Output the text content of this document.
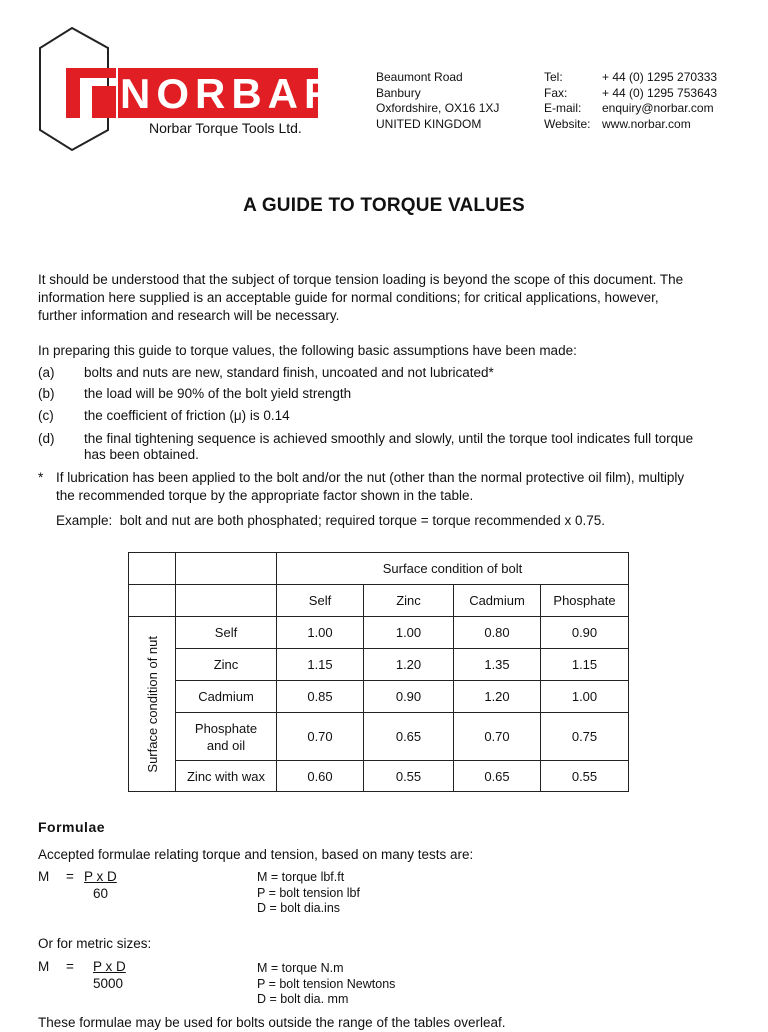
NORBAR
Norbar Torque Tools Ltd.
Beaumont Road
Banbury
Oxfordshire, OX16 1XJ
UNITED KINGDOM
Tel:
Fax:
E-mail:
Website:
+ 44 (0) 1295 270333
+ 44 (0) 1295 753643
enquiry@norbar.com
www.norbar.com
A GUIDE TO TORQUE VALUES
It should be understood that the subject of torque tension loading is beyond the scope of this document. The
information here supplied is an acceptable guide for normal conditions; for critical applications, however,
further information and research will be necessary.
In preparing this guide to torque values, the following basic assumptions have been made:
(a) bolts and nuts are new, standard finish, uncoated and not lubricated*
(b) the load will be 90% of the bolt yield strength
(c) the coefficient of friction (μ) is 0.14
(d) the final tightening sequence is achieved smoothly and slowly, until the torque tool indicates full torque
has been obtained.
* If lubrication has been applied to the bolt and/or the nut (other than the normal protective oil film), multiply
the recommended torque by the appropriate factor shown in the table.
Example:  bolt and nut are both phosphated; required torque = torque recommended x 0.75.
		Surface condition of bolt			
		Self	Zinc	Cadmium	Phosphate

Surface condition of nut	Self	1.00	1.00	0.80	0.90
	Zinc	1.15	1.20	1.35	1.15
	Cadmium	0.85	0.90	1.20	1.00
	Phosphate
and oil	0.70	0.65	0.70	0.75
	Zinc with wax	0.60	0.55	0.65	0.55
Formulae
Accepted formulae relating torque and tension, based on many tests are:
M = P x D
60
M = torque lbf.ft
P = bolt tension lbf
D = bolt dia.ins
Or for metric sizes:
M = P x D
5000
M = torque N.m
P = bolt tension Newtons
D = bolt dia. mm
These formulae may be used for bolts outside the range of the tables overleaf.
